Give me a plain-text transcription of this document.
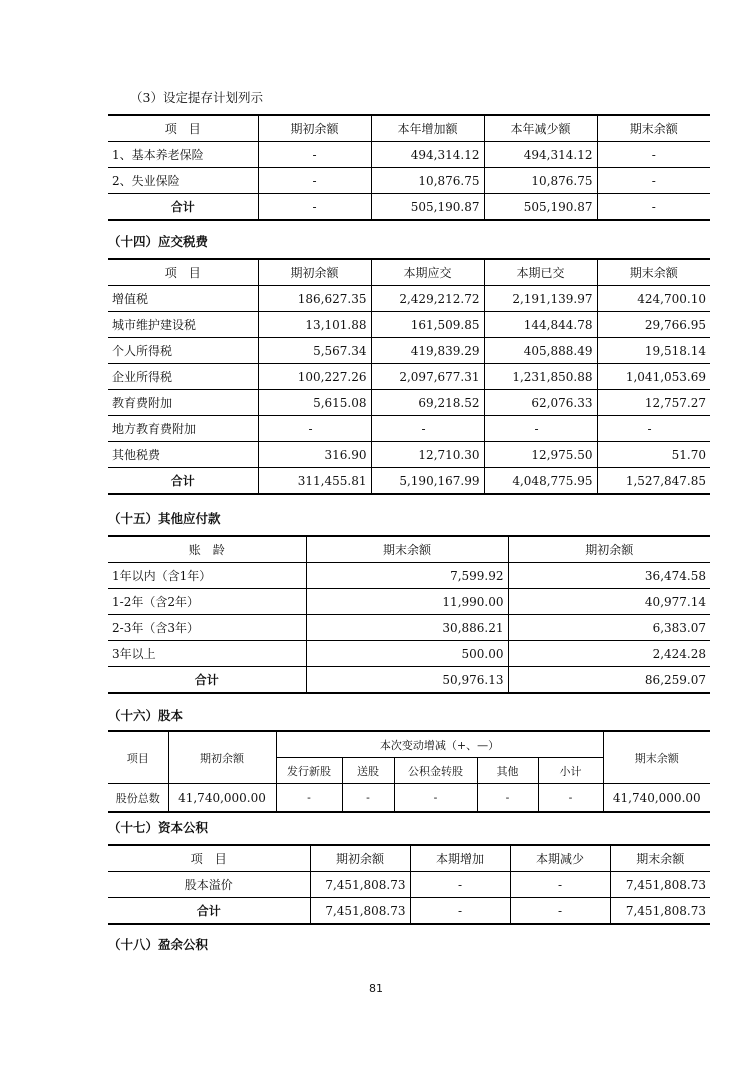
（3）设定提存计划列示
项　目	期初余额	本年增加额	本年减少额	期末余额
1、基本养老保险	-	494,314.12	494,314.12	-
2、失业保险	-	10,876.75	10,876.75	-
合计	-	505,190.87	505,190.87	-
（十四）应交税费
项　目	期初余额	本期应交	本期已交	期末余额
增值税	186,627.35	2,429,212.72	2,191,139.97	424,700.10
城市维护建设税	13,101.88	161,509.85	144,844.78	29,766.95
个人所得税	5,567.34	419,839.29	405,888.49	19,518.14
企业所得税	100,227.26	2,097,677.31	1,231,850.88	1,041,053.69
教育费附加	5,615.08	69,218.52	62,076.33	12,757.27
地方教育费附加	-	-	-	-
其他税费	316.90	12,710.30	12,975.50	51.70
合计	311,455.81	5,190,167.99	4,048,775.95	1,527,847.85
（十五）其他应付款
账　龄	期末余额	期初余额
1年以内（含1年）	7,599.92	36,474.58
1-2年（含2年）	11,990.00	40,977.14
2-3年（含3年）	30,886.21	6,383.07
3年以上	500.00	2,424.28
合计	50,976.13	86,259.07
（十六）股本
项目	期初余额	本次变动增减（+、—）					期末余额
		发行新股	送股	公积金转股	其他	小计	
股份总数	41,740,000.00	-	-	-	-	-	41,740,000.00
（十七）资本公积
项　目	期初余额	本期增加	本期减少	期末余额
股本溢价	7,451,808.73	-	-	7,451,808.73
合计	7,451,808.73	-	-	7,451,808.73
（十八）盈余公积
81
